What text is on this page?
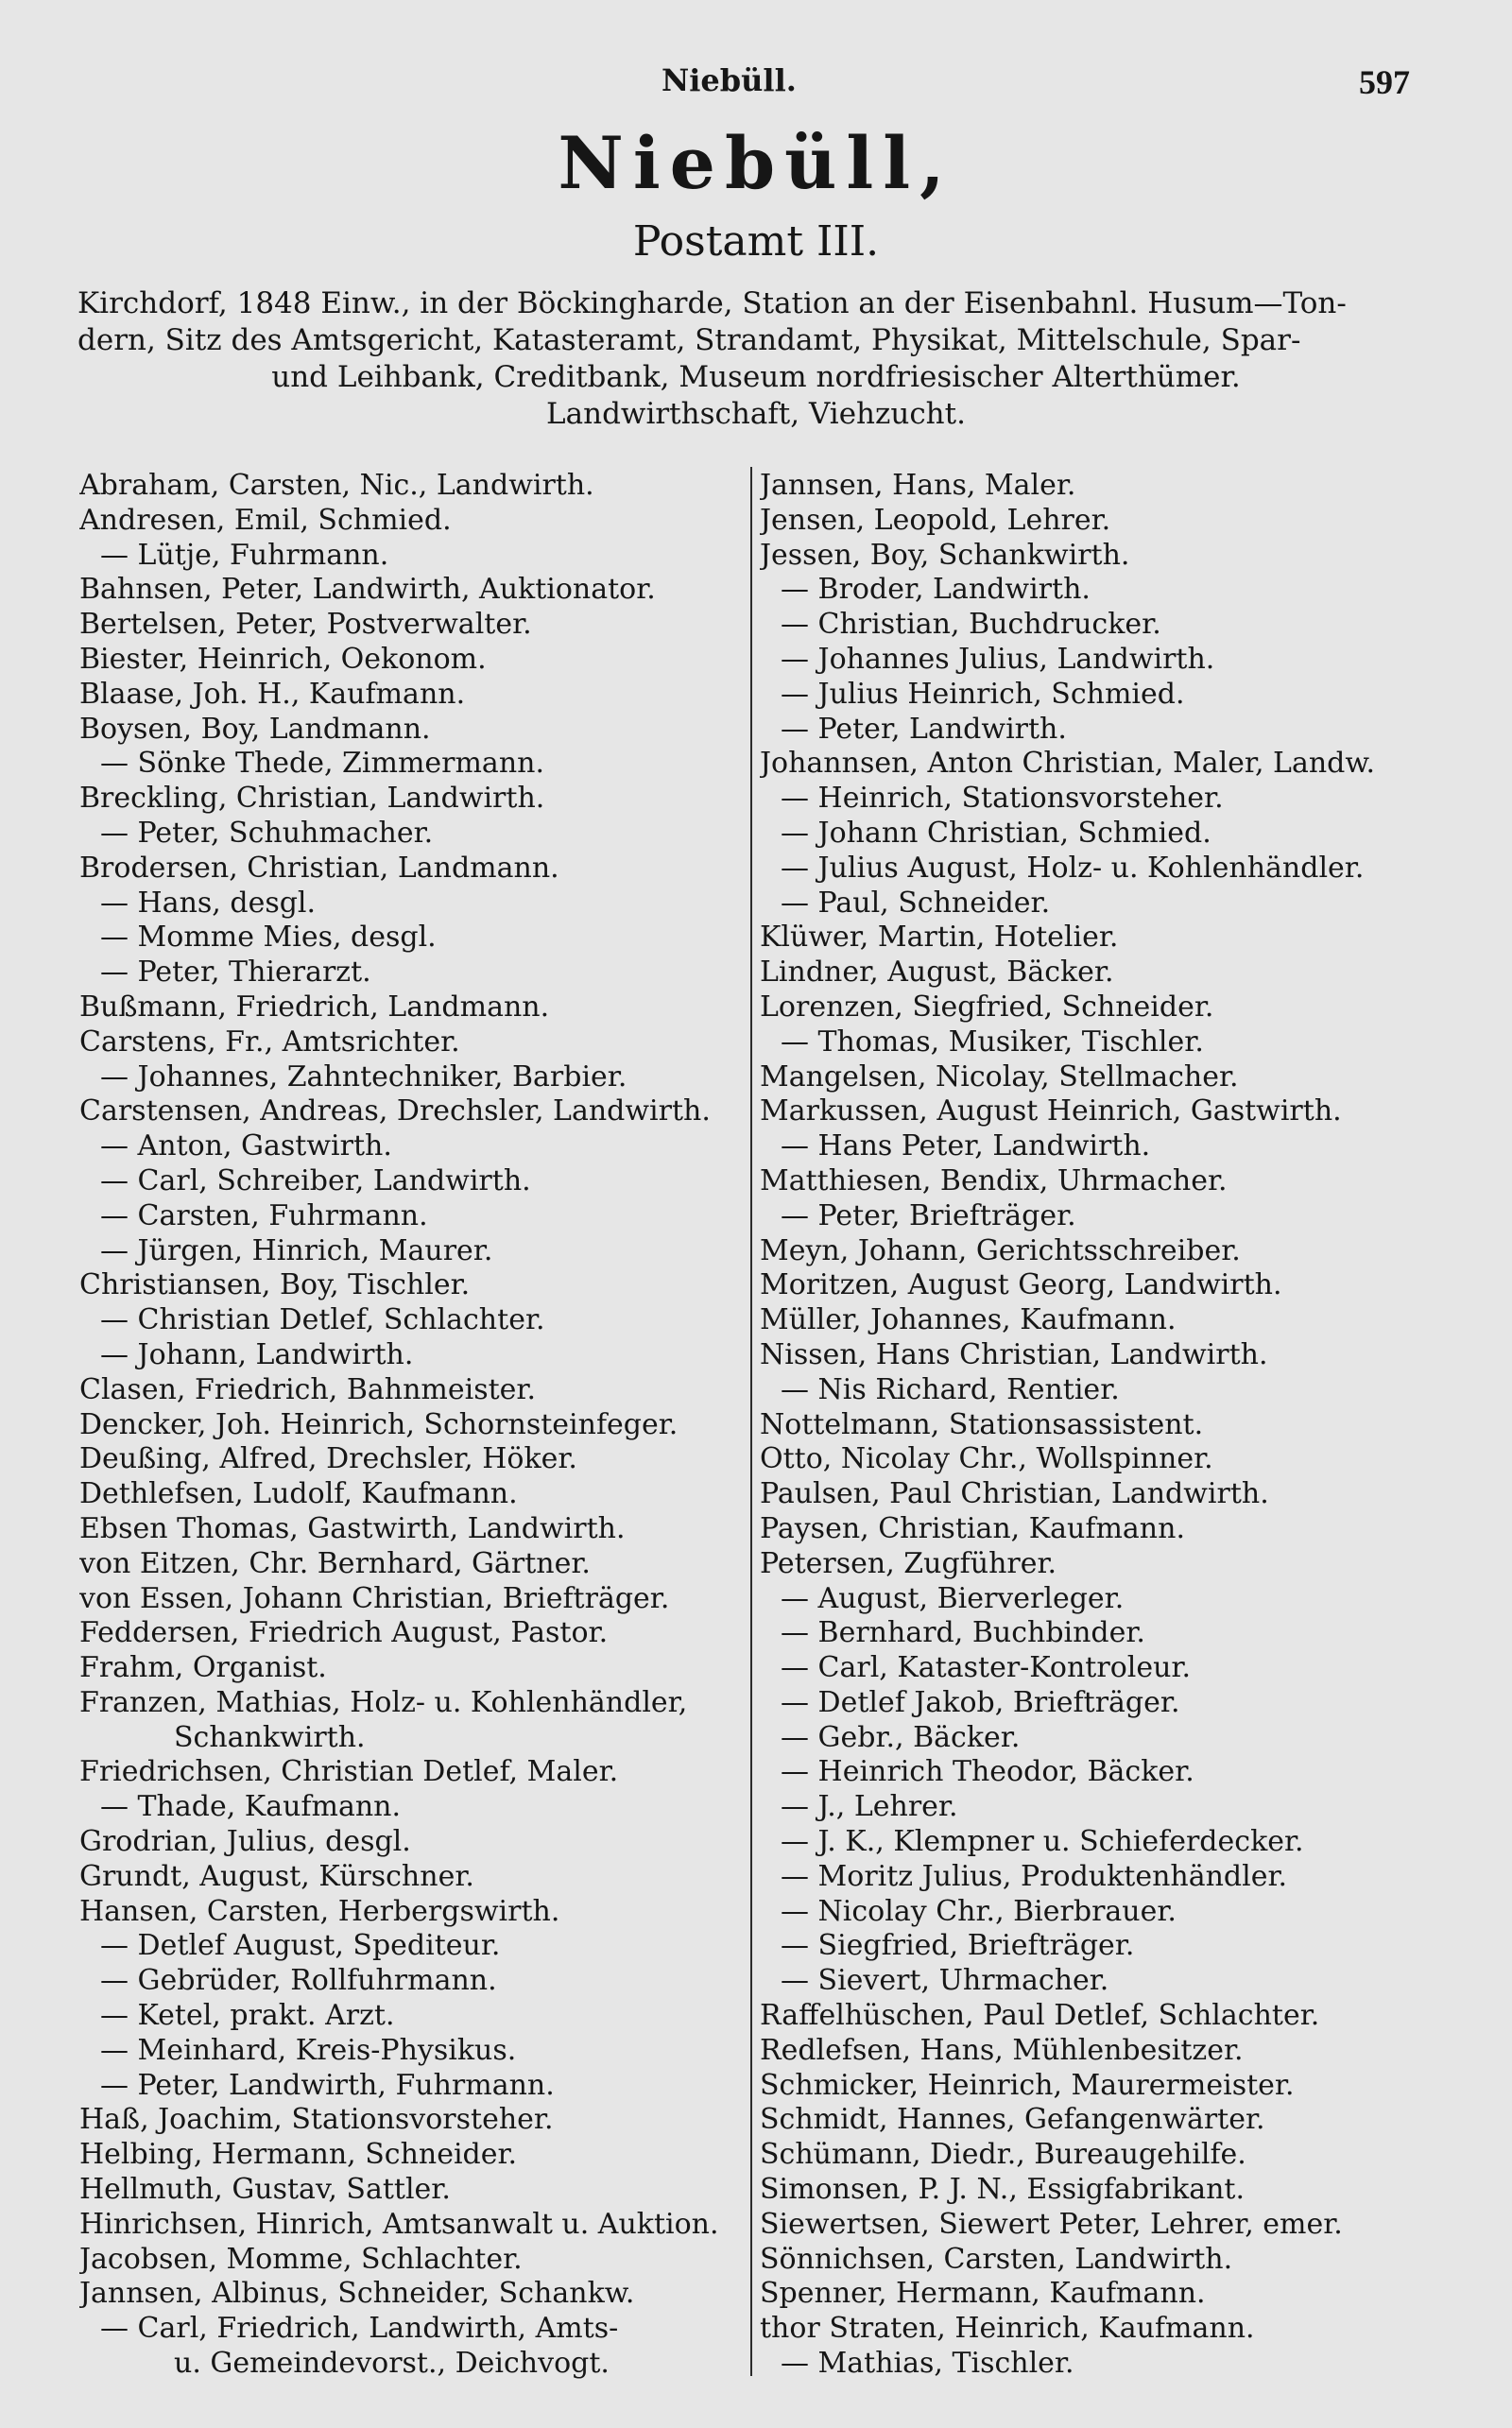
Niebüll.	597
Niebüll,
Postamt III.
Kirchdorf, 1848 Einw., in der Böckingharde, Station an der Eisenbahnl. Husum—Ton-
dern, Sitz des Amtsgericht, Katasteramt, Strandamt, Physikat, Mittelschule, Spar-
und Leihbank, Creditbank, Museum nordfriesischer Alterthümer.
Landwirthschaft, Viehzucht.
Abraham, Carsten, Nic., Landwirth.
Andresen, Emil, Schmied.
— Lütje, Fuhrmann.
Bahnsen, Peter, Landwirth, Auktionator.
Bertelsen, Peter, Postverwalter.
Biester, Heinrich, Oekonom.
Blaase, Joh. H., Kaufmann.
Boysen, Boy, Landmann.
— Sönke Thede, Zimmermann.
Breckling, Christian, Landwirth.
— Peter, Schuhmacher.
Brodersen, Christian, Landmann.
— Hans, desgl.
— Momme Mies, desgl.
— Peter, Thierarzt.
Bußmann, Friedrich, Landmann.
Carstens, Fr., Amtsrichter.
— Johannes, Zahntechniker, Barbier.
Carstensen, Andreas, Drechsler, Landwirth.
— Anton, Gastwirth.
— Carl, Schreiber, Landwirth.
— Carsten, Fuhrmann.
— Jürgen, Hinrich, Maurer.
Christiansen, Boy, Tischler.
— Christian Detlef, Schlachter.
— Johann, Landwirth.
Clasen, Friedrich, Bahnmeister.
Dencker, Joh. Heinrich, Schornsteinfeger.
Deußing, Alfred, Drechsler, Höker.
Dethlefsen, Ludolf, Kaufmann.
Ebsen Thomas, Gastwirth, Landwirth.
von Eitzen, Chr. Bernhard, Gärtner.
von Essen, Johann Christian, Briefträger.
Feddersen, Friedrich August, Pastor.
Frahm, Organist.
Franzen, Mathias, Holz- u. Kohlenhändler,
Schankwirth.
Friedrichsen, Christian Detlef, Maler.
— Thade, Kaufmann.
Grodrian, Julius, desgl.
Grundt, August, Kürschner.
Hansen, Carsten, Herbergswirth.
— Detlef August, Spediteur.
— Gebrüder, Rollfuhrmann.
— Ketel, prakt. Arzt.
— Meinhard, Kreis-Physikus.
— Peter, Landwirth, Fuhrmann.
Haß, Joachim, Stationsvorsteher.
Helbing, Hermann, Schneider.
Hellmuth, Gustav, Sattler.
Hinrichsen, Hinrich, Amtsanwalt u. Auktion.
Jacobsen, Momme, Schlachter.
Jannsen, Albinus, Schneider, Schankw.
— Carl, Friedrich, Landwirth, Amts-
u. Gemeindevorst., Deichvogt.
Jannsen, Hans, Maler.
Jensen, Leopold, Lehrer.
Jessen, Boy, Schankwirth.
— Broder, Landwirth.
— Christian, Buchdrucker.
— Johannes Julius, Landwirth.
— Julius Heinrich, Schmied.
— Peter, Landwirth.
Johannsen, Anton Christian, Maler, Landw.
— Heinrich, Stationsvorsteher.
— Johann Christian, Schmied.
— Julius August, Holz- u. Kohlenhändler.
— Paul, Schneider.
Klüwer, Martin, Hotelier.
Lindner, August, Bäcker.
Lorenzen, Siegfried, Schneider.
— Thomas, Musiker, Tischler.
Mangelsen, Nicolay, Stellmacher.
Markussen, August Heinrich, Gastwirth.
— Hans Peter, Landwirth.
Matthiesen, Bendix, Uhrmacher.
— Peter, Briefträger.
Meyn, Johann, Gerichtsschreiber.
Moritzen, August Georg, Landwirth.
Müller, Johannes, Kaufmann.
Nissen, Hans Christian, Landwirth.
— Nis Richard, Rentier.
Nottelmann, Stationsassistent.
Otto, Nicolay Chr., Wollspinner.
Paulsen, Paul Christian, Landwirth.
Paysen, Christian, Kaufmann.
Petersen, Zugführer.
— August, Bierverleger.
— Bernhard, Buchbinder.
— Carl, Kataster-Kontroleur.
— Detlef Jakob, Briefträger.
— Gebr., Bäcker.
— Heinrich Theodor, Bäcker.
— J., Lehrer.
— J. K., Klempner u. Schieferdecker.
— Moritz Julius, Produktenhändler.
— Nicolay Chr., Bierbrauer.
— Siegfried, Briefträger.
— Sievert, Uhrmacher.
Raffelhüschen, Paul Detlef, Schlachter.
Redlefsen, Hans, Mühlenbesitzer.
Schmicker, Heinrich, Maurermeister.
Schmidt, Hannes, Gefangenwärter.
Schümann, Diedr., Bureaugehilfe.
Simonsen, P. J. N., Essigfabrikant.
Siewertsen, Siewert Peter, Lehrer, emer.
Sönnichsen, Carsten, Landwirth.
Spenner, Hermann, Kaufmann.
thor Straten, Heinrich, Kaufmann.
— Mathias, Tischler.
